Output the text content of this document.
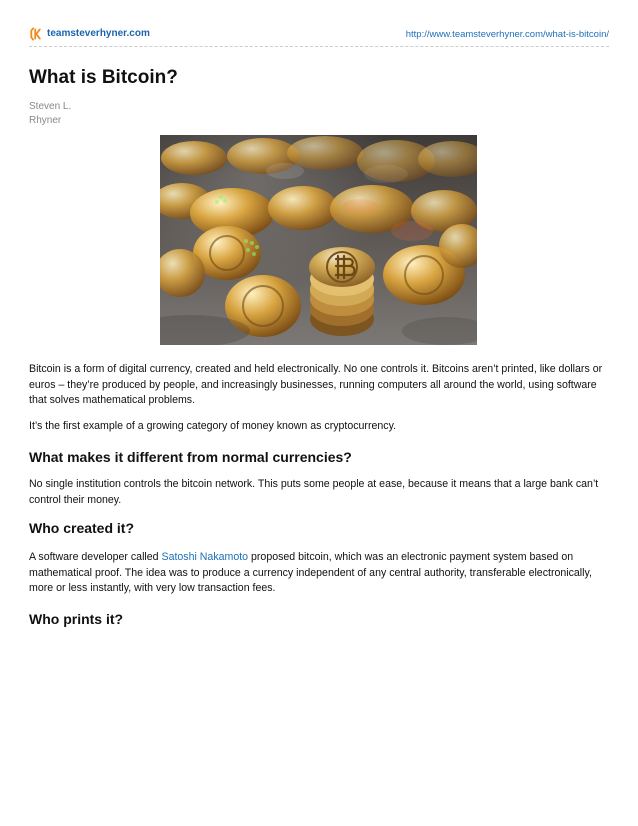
teamsteverhyner.com	http://www.teamsteverhyner.com/what-is-bitcoin/
What is Bitcoin?
Steven L.
Rhyner

Bitcoin is a form of digital currency, created and held electronically. No one controls it. Bitcoins aren’t printed, like dollars or euros – they’re produced by people, and increasingly businesses, running computers all around the world, using software that solves mathematical problems.

It’s the first example of a growing category of money known as cryptocurrency.

What makes it different from normal currencies?

No single institution controls the bitcoin network. This puts some people at ease, because it means that a large bank can’t control their money.

Who created it?

A software developer called Satoshi Nakamoto proposed bitcoin, which was an electronic payment system based on mathematical proof. The idea was to produce a currency independent of any central authority, transferable electronically, more or less instantly, with very low transaction fees.

Who prints it?
